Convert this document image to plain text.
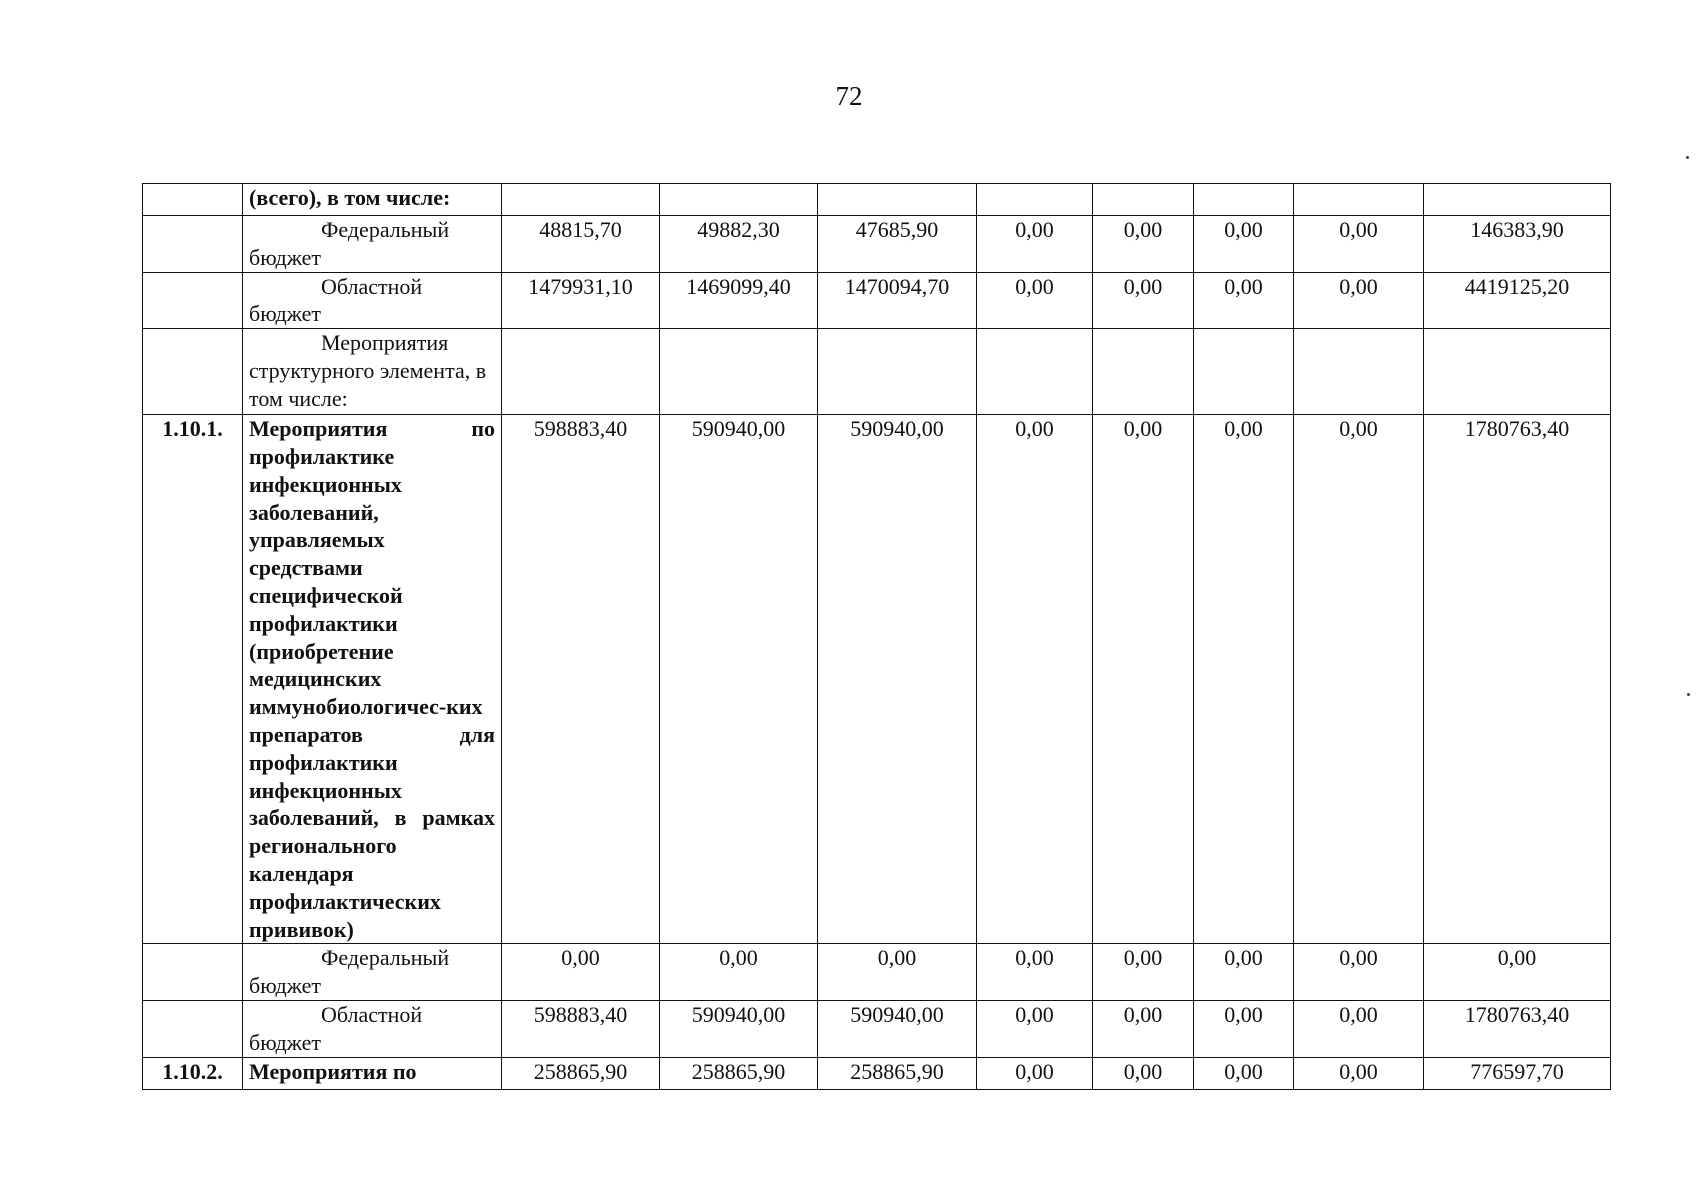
72
	(всего), в том числе:								
	Федеральный бюджет	48815,70	49882,30	47685,90	0,00	0,00	0,00	0,00	146383,90
	Областной бюджет	1479931,10	1469099,40	1470094,70	0,00	0,00	0,00	0,00	4419125,20
	Мероприятия структурного элемента, в том числе:								
1.10.1.	Мероприятия по профилактике инфекционных заболеваний, управляемых средствами специфической профилактики (приобретение медицинских иммунобиологичес-ких препаратов для профилактики инфекционных заболеваний, в рамках регионального календаря профилактических прививок)	598883,40	590940,00	590940,00	0,00	0,00	0,00	0,00	1780763,40
	Федеральный бюджет	0,00	0,00	0,00	0,00	0,00	0,00	0,00	0,00
	Областной бюджет	598883,40	590940,00	590940,00	0,00	0,00	0,00	0,00	1780763,40
1.10.2.	Мероприятия по	258865,90	258865,90	258865,90	0,00	0,00	0,00	0,00	776597,70
